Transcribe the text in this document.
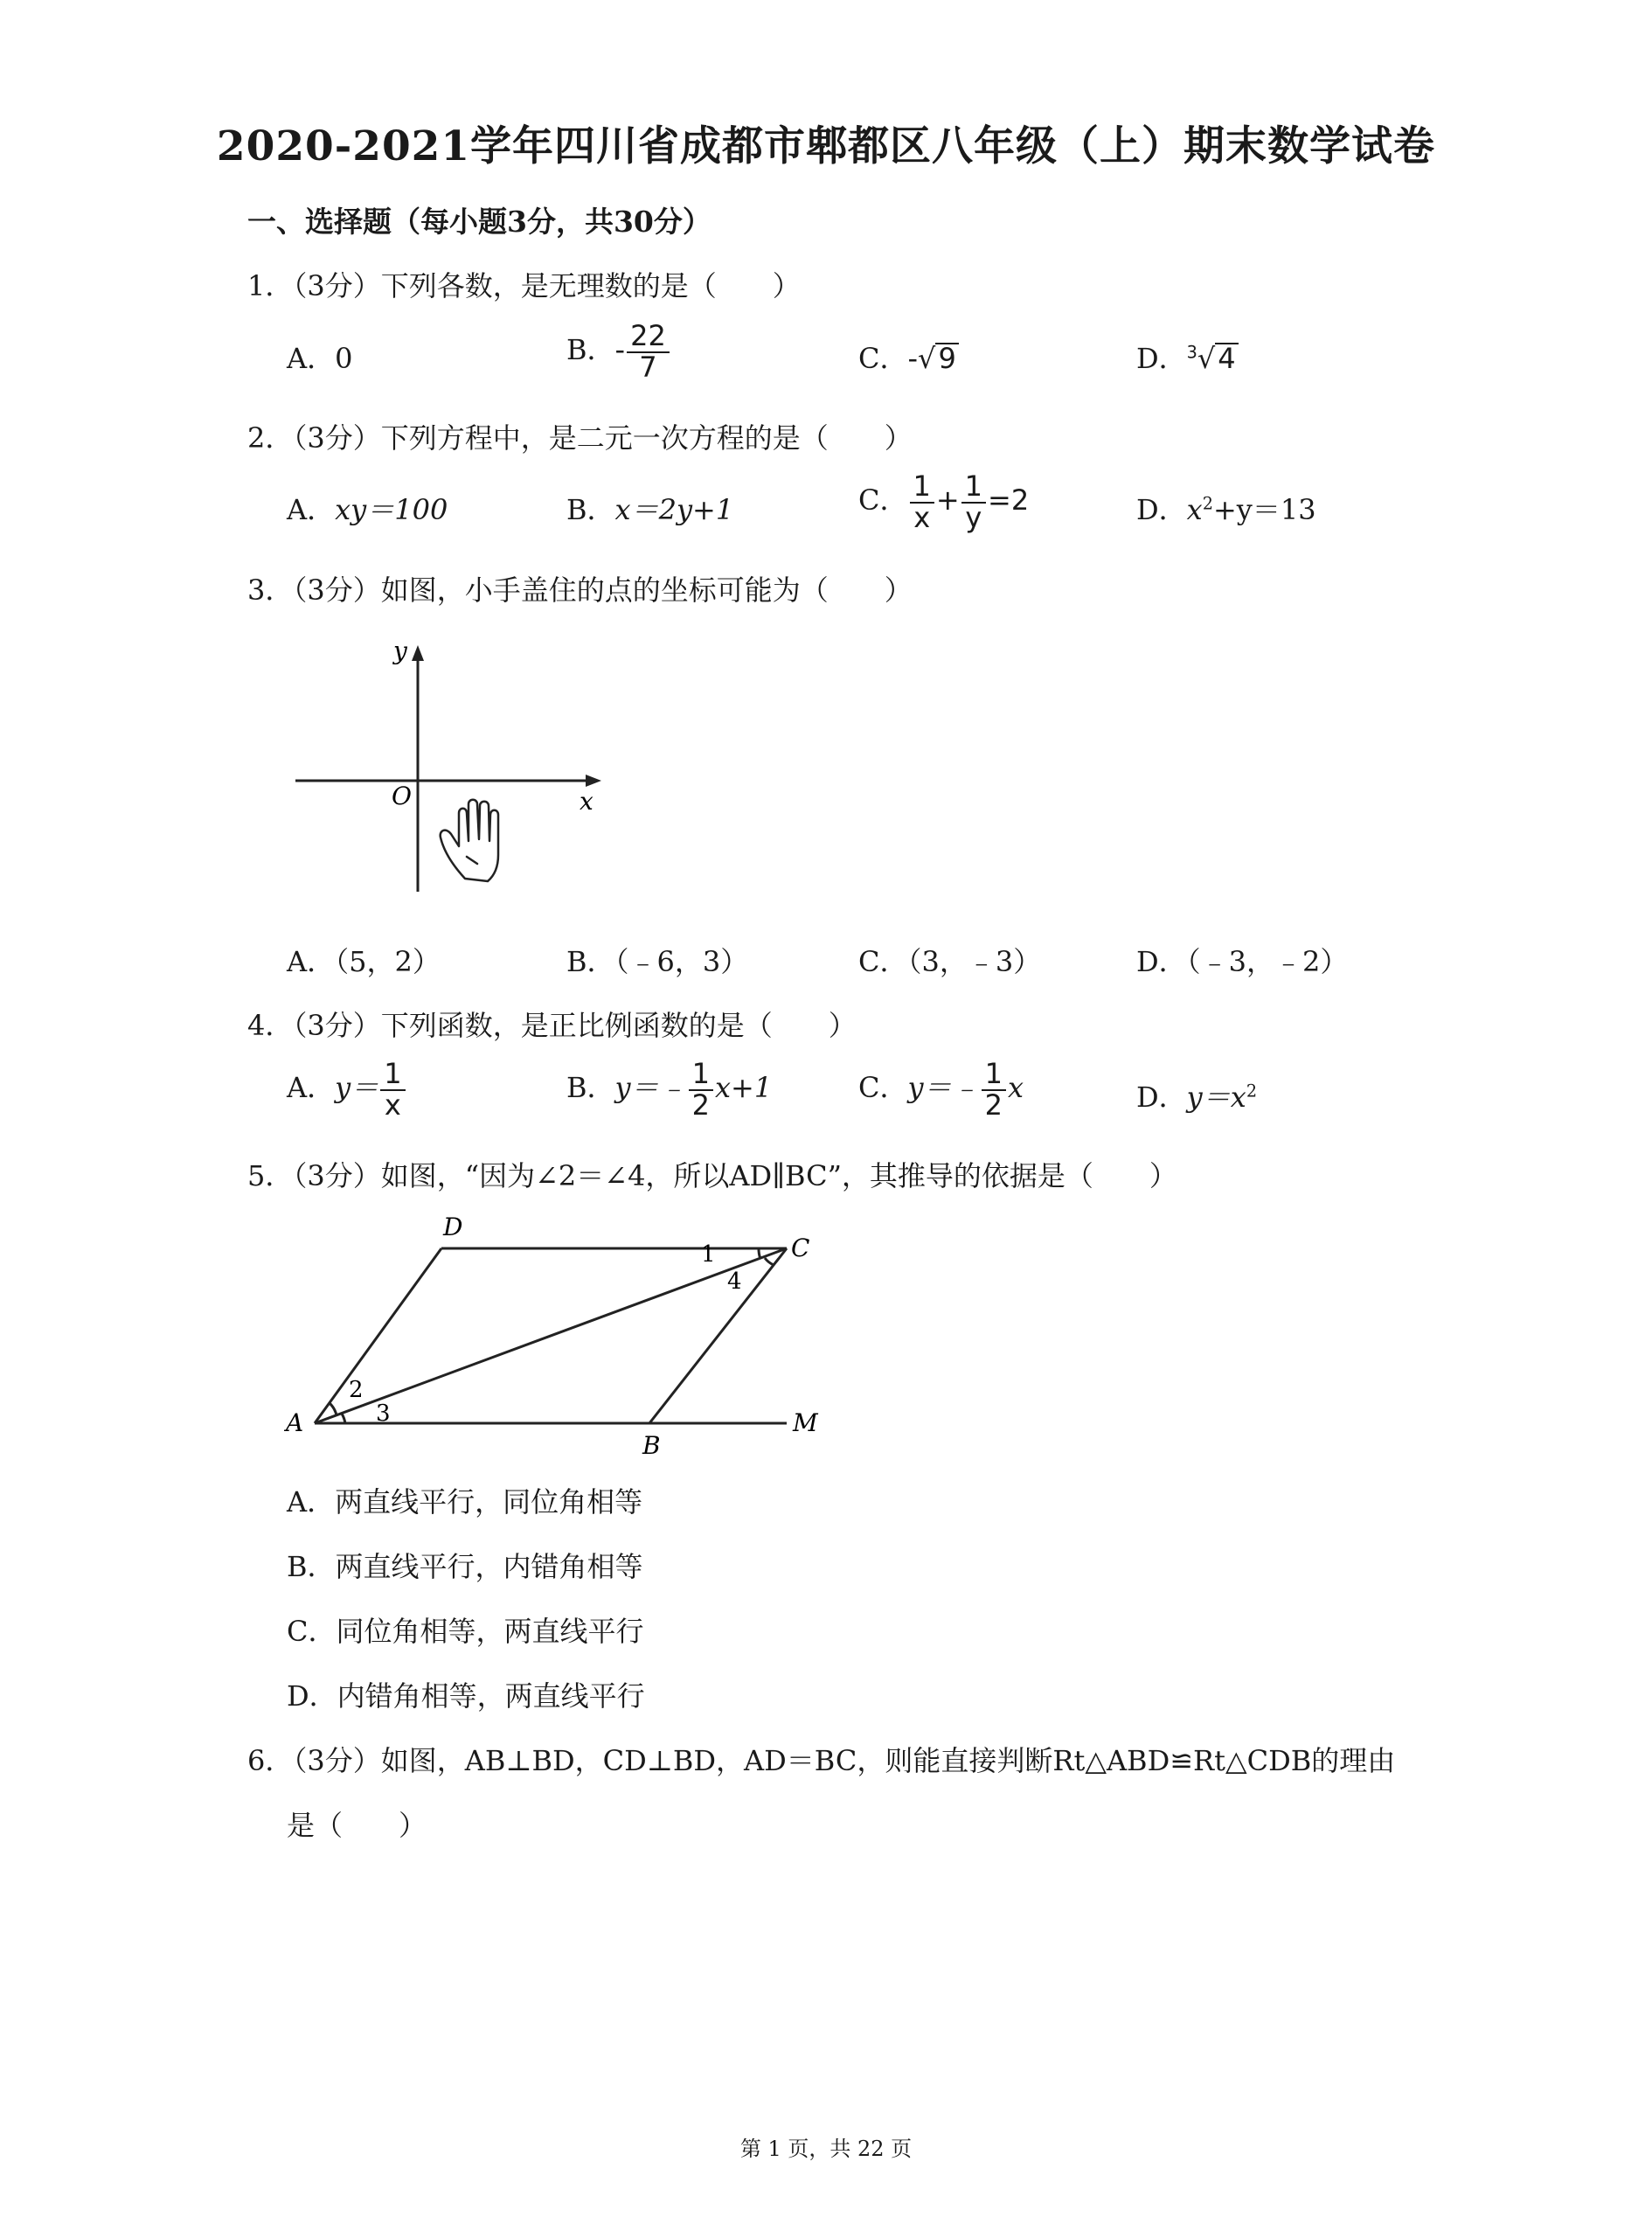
2020-2021学年四川省成都市郫都区八年级（上）期末数学试卷
一、选择题（每小题3分，共30分）
1．（3分）下列各数，是无理数的是（　　）
A．0	B．- $\frac{22}{7}$	C．-√9	D．$^3$√4
2．（3分）下列方程中，是二元一次方程的是（　　）
A．xy＝100	B．x＝2y+1	C． $\frac{1}{x} + \frac{1}{y} =2$	D．$x^2+y=13$
3．（3分）如图，小手盖住的点的坐标可能为（　　）
y
x
O
A．（5，2）	B．（﹣6，3）	C．（3，﹣3）	D．（﹣3，﹣2）
4．（3分）下列函数，是正比例函数的是（　　）
A．$y= \frac{1}{x}$	B．y＝﹣ $\frac{1}{2} x+1$	C．y＝﹣ $\frac{1}{2}$ x	D．$y=x^2$
5．（3分）如图，“因为∠2＝∠4，所以AD∥BC”，其推导的依据是（　　）
A
B
C
D
M
1
2
3
4
A．两直线平行，同位角相等
B．两直线平行，内错角相等
C．同位角相等，两直线平行
D．内错角相等，两直线平行
6．（3分）如图，AB⊥BD，CD⊥BD，AD＝BC，则能直接判断Rt△ABD≌Rt△CDB的理由
是（　　）
第 1 页，共 22 页
